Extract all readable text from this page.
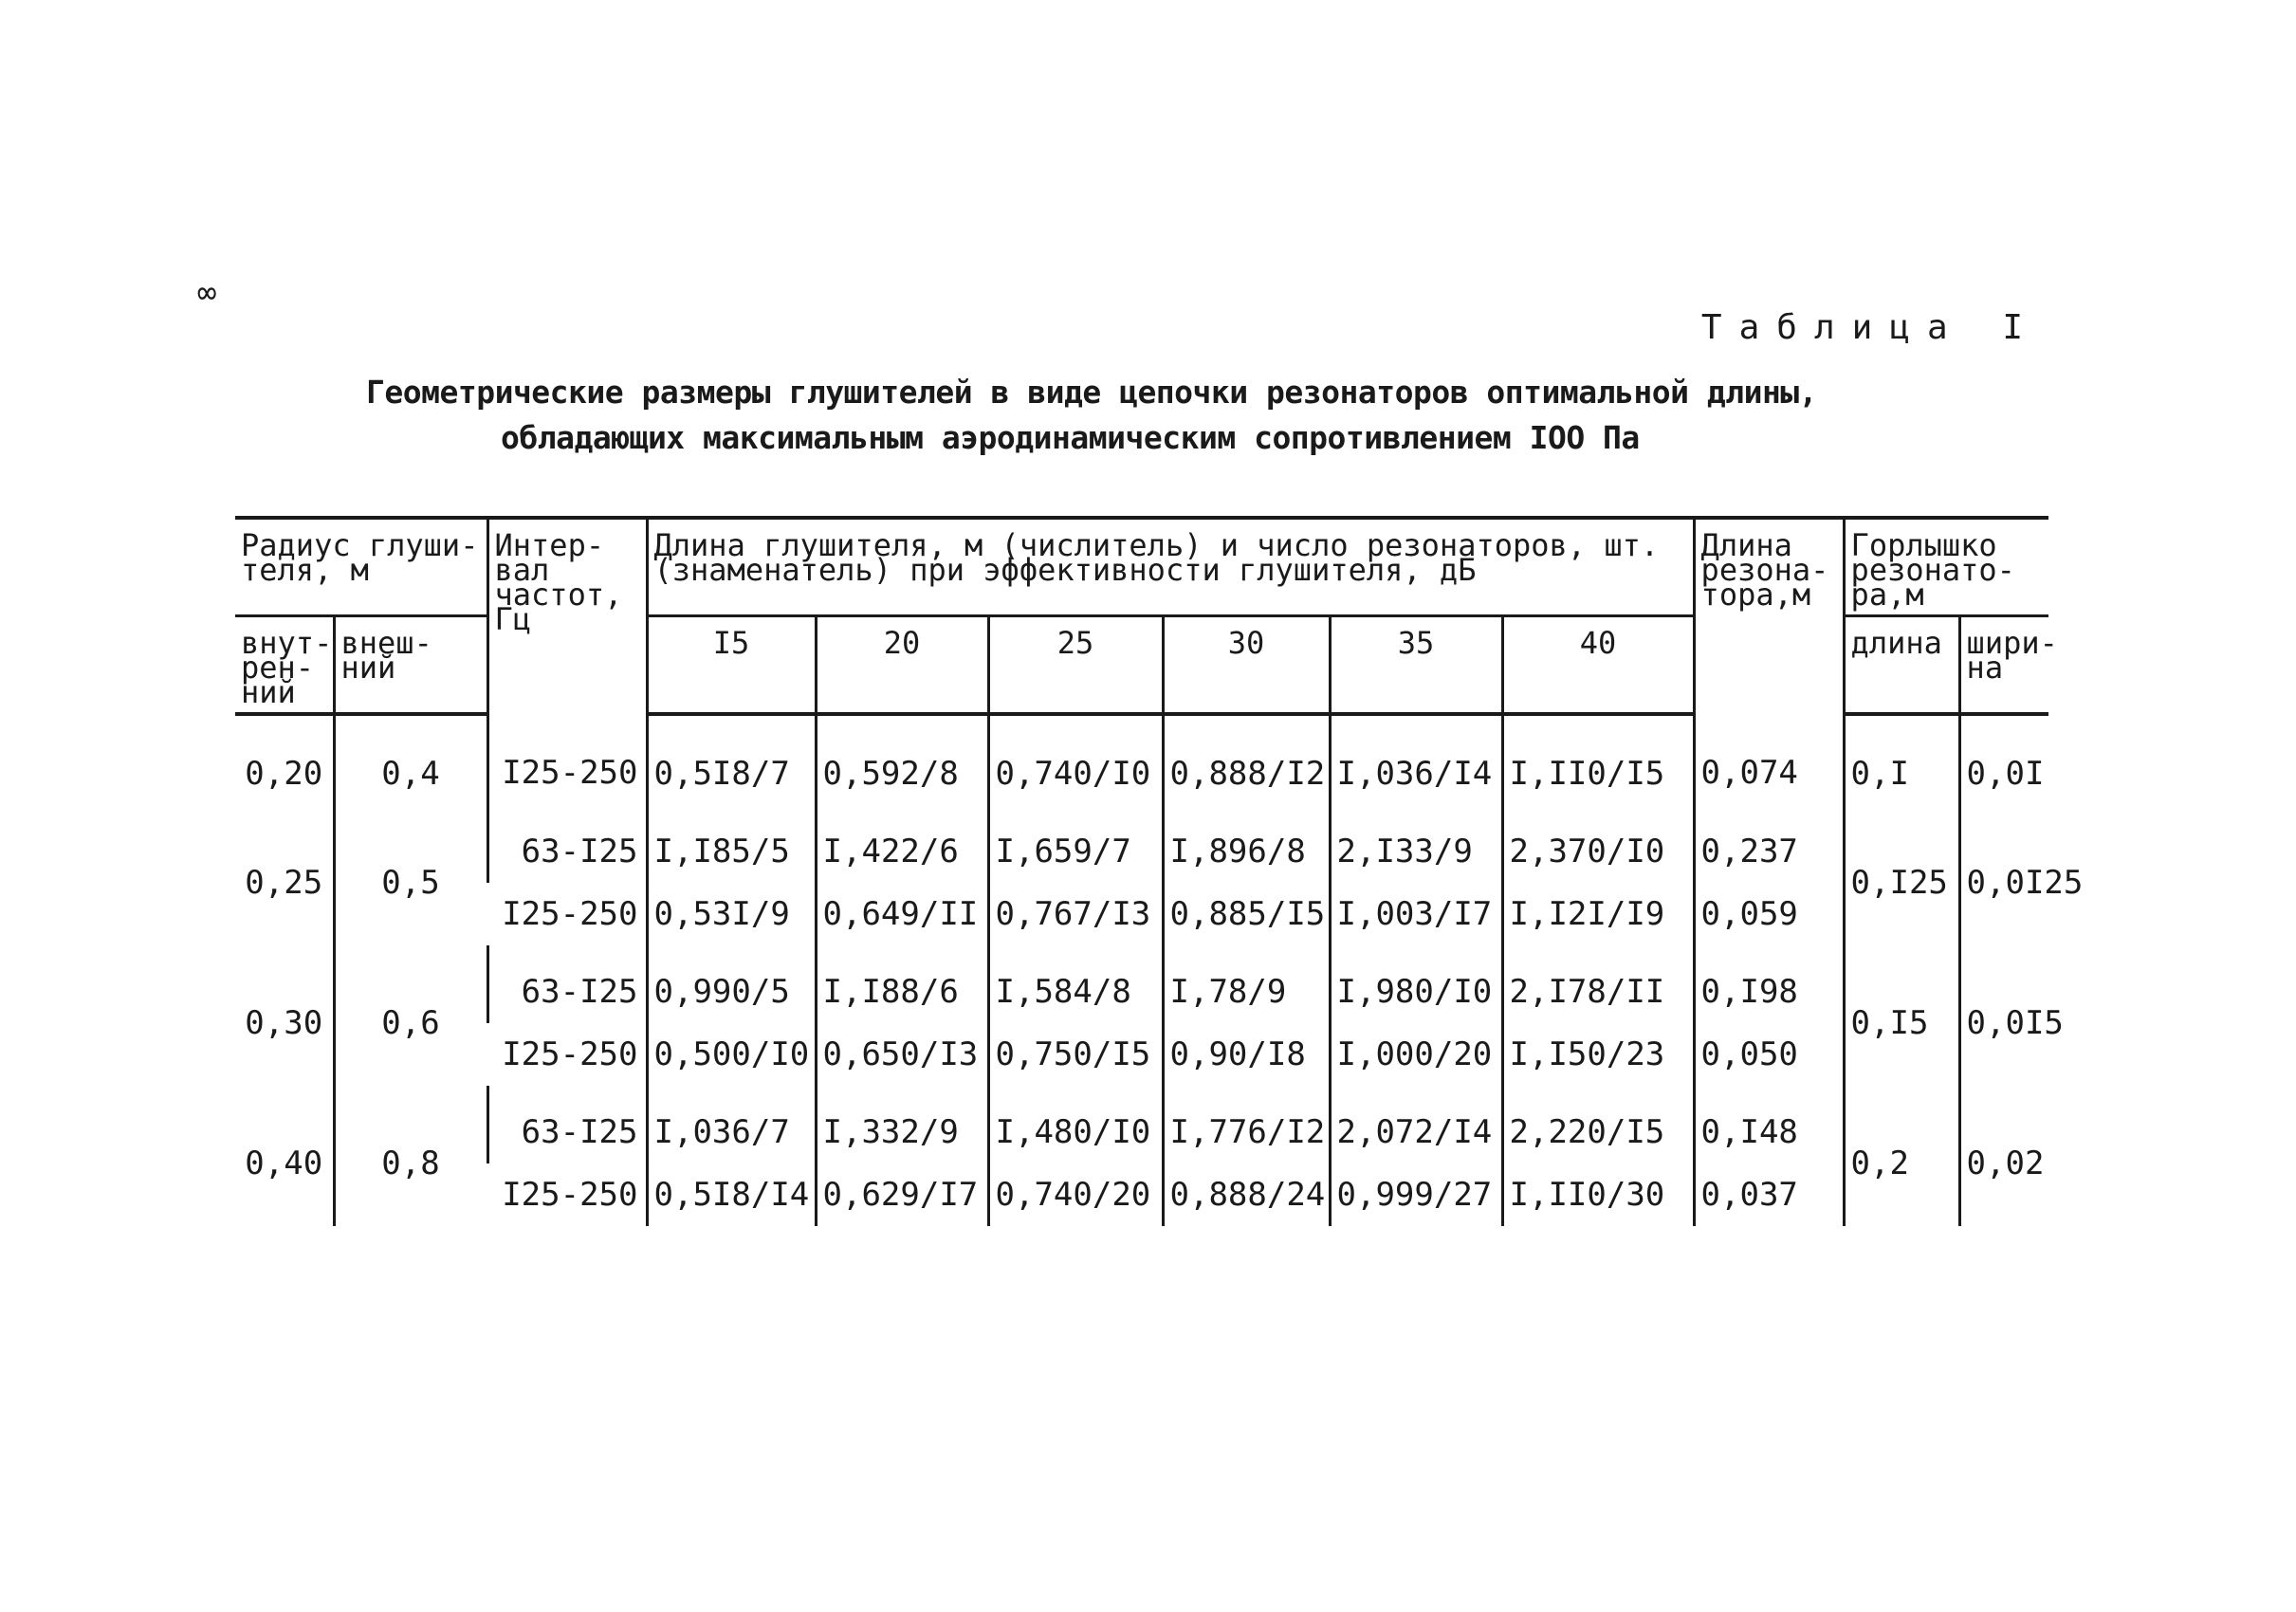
∞
Таблица I
Геометрические размеры глушителей в виде цепочки резонаторов оптимальной длины,
обладающих максимальным аэродинамическим сопротивлением IOO Па
Радиус глуши-теля, м		Интер-вал частот, Гц	Длина глушителя, м (числитель) и число резонаторов, шт. (знаменатель) при эффективности глушителя, дБ						Длина резона-тора,м	Горлышко резонато-ра,м	
внут-рен-ний	внеш-ний		I5	20	25	30	35	40		длина	шири-на
0,20	0,4	I25-250	0,5I8/7	0,592/8	0,740/I0	0,888/I2	I,036/I4	I,II0/I5	0,074	0,I	0,0I
0,25	0,5	63-I25	I,I85/5	I,422/6	I,659/7	I,896/8	2,I33/9	2,370/I0	0,237	0,I25	0,0I25
		I25-250	0,53I/9	0,649/II	0,767/I3	0,885/I5	I,003/I7	I,I2I/I9	0,059		
0,30	0,6	63-I25	0,990/5	I,I88/6	I,584/8	I,78/9	I,980/I0	2,I78/II	0,I98	0,I5	0,0I5
		I25-250	0,500/I0	0,650/I3	0,750/I5	0,90/I8	I,000/20	I,I50/23	0,050		
0,40	0,8	63-I25	I,036/7	I,332/9	I,480/I0	I,776/I2	2,072/I4	2,220/I5	0,I48	0,2	0,02
		I25-250	0,5I8/I4	0,629/I7	0,740/20	0,888/24	0,999/27	I,II0/30	0,037		
